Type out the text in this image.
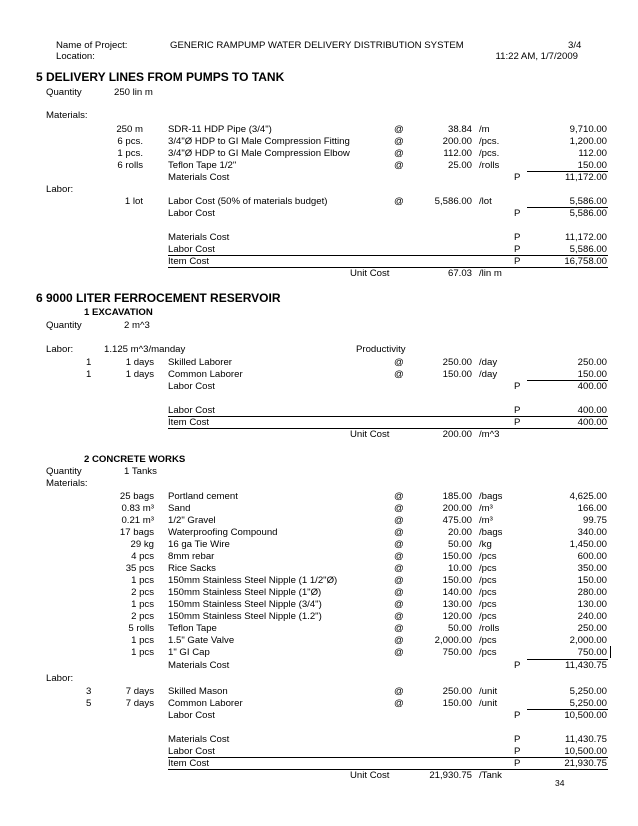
Name of Project:	GENERIC RAMPUMP WATER DELIVERY DISTRIBUTION SYSTEM	3/4
Location:	11:22 AM, 1/7/2009
5 DELIVERY LINES FROM PUMPS TO TANK
Quantity	250 lin m
Materials:
250 m	SDR-11 HDP Pipe (3/4")	@	38.84 /m	9,710.00
6 pcs.	3/4"Ø HDP to GI Male Compression Fitting	@	200.00 /pcs.	1,200.00
1 pcs.	3/4"Ø HDP to GI Male Compression Elbow	@	112.00 /pcs.	112.00
6 rolls	Teflon Tape 1/2"	@	25.00 /rolls	150.00
Materials Cost	P	11,172.00
Labor:
1 lot	Labor Cost (50% of materials budget)	@	5,586.00 /lot	5,586.00
Labor Cost	P	5,586.00
Materials Cost	P	11,172.00
Labor Cost	P	5,586.00
Item Cost	P	16,758.00
Unit Cost	67.03 /lin m
6 9000 LITER FERROCEMENT RESERVOIR
1 EXCAVATION
Quantity	2 m^3
Labor:	1.125 m^3/manday	Productivity
1	1 days Skilled Laborer	@	250.00 /day	250.00
1	1 days Common Laborer	@	150.00 /day	150.00
Labor Cost	P	400.00
Labor Cost	P	400.00
Item Cost	P	400.00
Unit Cost	200.00 /m^3
2 CONCRETE WORKS
Quantity	1 Tanks
Materials:
25 bags Portland cement	@	185.00 /bags	4,625.00
0.83 m³ Sand	@	200.00 /m³	166.00
0.21 m³ 1/2" Gravel	@	475.00 /m³	99.75
17 bags Waterproofing Compound	@	20.00 /bags	340.00
29 kg 16 ga Tie Wire	@	50.00 /kg	1,450.00
4 pcs 8mm rebar	@	150.00 /pcs	600.00
35 pcs Rice Sacks	@	10.00 /pcs	350.00
1 pcs 150mm Stainless Steel Nipple (1 1/2"Ø)	@	150.00 /pcs	150.00
2 pcs 150mm Stainless Steel Nipple (1"Ø)	@	140.00 /pcs	280.00
1 pcs 150mm Stainless Steel Nipple (3/4")	@	130.00 /pcs	130.00
2 pcs 150mm Stainless Steel Nipple (1.2")	@	120.00 /pcs	240.00
5 rolls Teflon Tape	@	50.00 /rolls	250.00
1 pcs 1.5" Gate Valve	@	2,000.00 /pcs	2,000.00
1 pcs 1" GI Cap	@	750.00 /pcs	750.00
Materials Cost	P	11,430.75
Labor:
3	7 days Skilled Mason	@	250.00 /unit	5,250.00
5	7 days Common Laborer	@	150.00 /unit	5,250.00
Labor Cost	P	10,500.00
Materials Cost	P	11,430.75
Labor Cost	P	10,500.00
Item Cost	P	21,930.75
Unit Cost	21,930.75 /Tank
34
